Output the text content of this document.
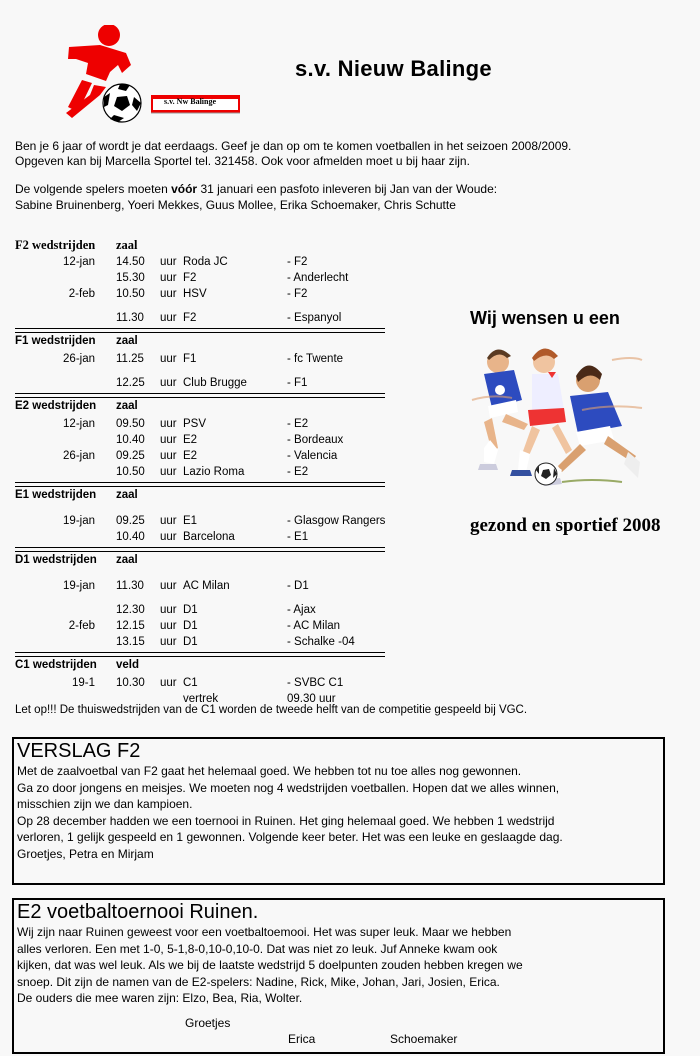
s.v. Nw Balinge
s.v. Nieuw Balinge
Ben je 6 jaar of wordt je dat eerdaags. Geef je dan op om te komen voetballen in het seizoen 2008/2009.
Opgeven kan bij Marcella Sportel tel. 321458. Ook voor afmelden moet u bij haar zijn.
De volgende spelers moeten vóór 31 januari een pasfoto inleveren bij Jan van der Woude:
Sabine Bruinenberg, Yoeri Mekkes, Guus Mollee, Erika Schoemaker, Chris Schutte
F2 wedstrijden zaal
12-jan 14.50 uur Roda JC	- F2
15.30 uur F2	- Anderlecht
2-feb 10.50 uur HSV	- F2
11.30 uur F2	- Espanyol
F1 wedstrijden zaal
26-jan 11.25 uur F1	- fc Twente
12.25 uur Club Brugge	- F1
E2 wedstrijden zaal
12-jan 09.50 uur PSV	- E2
10.40 uur E2	- Bordeaux
26-jan 09.25 uur E2	- Valencia
10.50 uur Lazio Roma	- E2
E1 wedstrijden zaal
19-jan 09.25 uur E1	- Glasgow Rangers
10.40 uur Barcelona	- E1
D1 wedstrijden zaal
19-jan 11.30 uur AC Milan	- D1
12.30 uur D1	- Ajax
2-feb 12.15 uur D1	- AC Milan
13.15 uur D1	- Schalke -04
C1 wedstrijden veld
19-1 10.30 uur C1	- SVBC C1
vertrek	09.30 uur
Let op!!! De thuiswedstrijden van de C1 worden de tweede helft van de competitie gespeeld bij VGC.
Wij wensen u een
gezond en sportief 2008
VERSLAG F2

Met de zaalvoetbal van F2 gaat het helemaal goed. We hebben tot nu toe alles nog gewonnen.
Ga zo door jongens en meisjes. We moeten nog 4 wedstrijden voetballen. Hopen dat we alles winnen,
misschien zijn we dan kampioen.
Op 28 december hadden we een toernooi in Ruinen. Het ging helemaal goed. We hebben 1 wedstrijd
verloren, 1 gelijk gespeeld en 1 gewonnen. Volgende keer beter. Het was een leuke en geslaagde dag.

Groetjes, Petra en Mirjam

E2 voetbaltoernooi Ruinen.

Wij zijn naar Ruinen geweest voor een voetbaltoemooi. Het was super leuk. Maar we hebben
alles verloren. Een met 1-0, 5-1,8-0,10-0,10-0. Dat was niet zo leuk. Juf Anneke kwam ook
kijken, dat was wel leuk. Als we bij de laatste wedstrijd 5 doelpunten zouden hebben kregen we
snoep. Dit zijn de namen van de E2-spelers: Nadine, Rick, Mike, Johan, Jari, Josien, Erica.
De ouders die mee waren zijn: Elzo, Bea, Ria, Wolter.

Groetjes
Erica	Schoemaker
